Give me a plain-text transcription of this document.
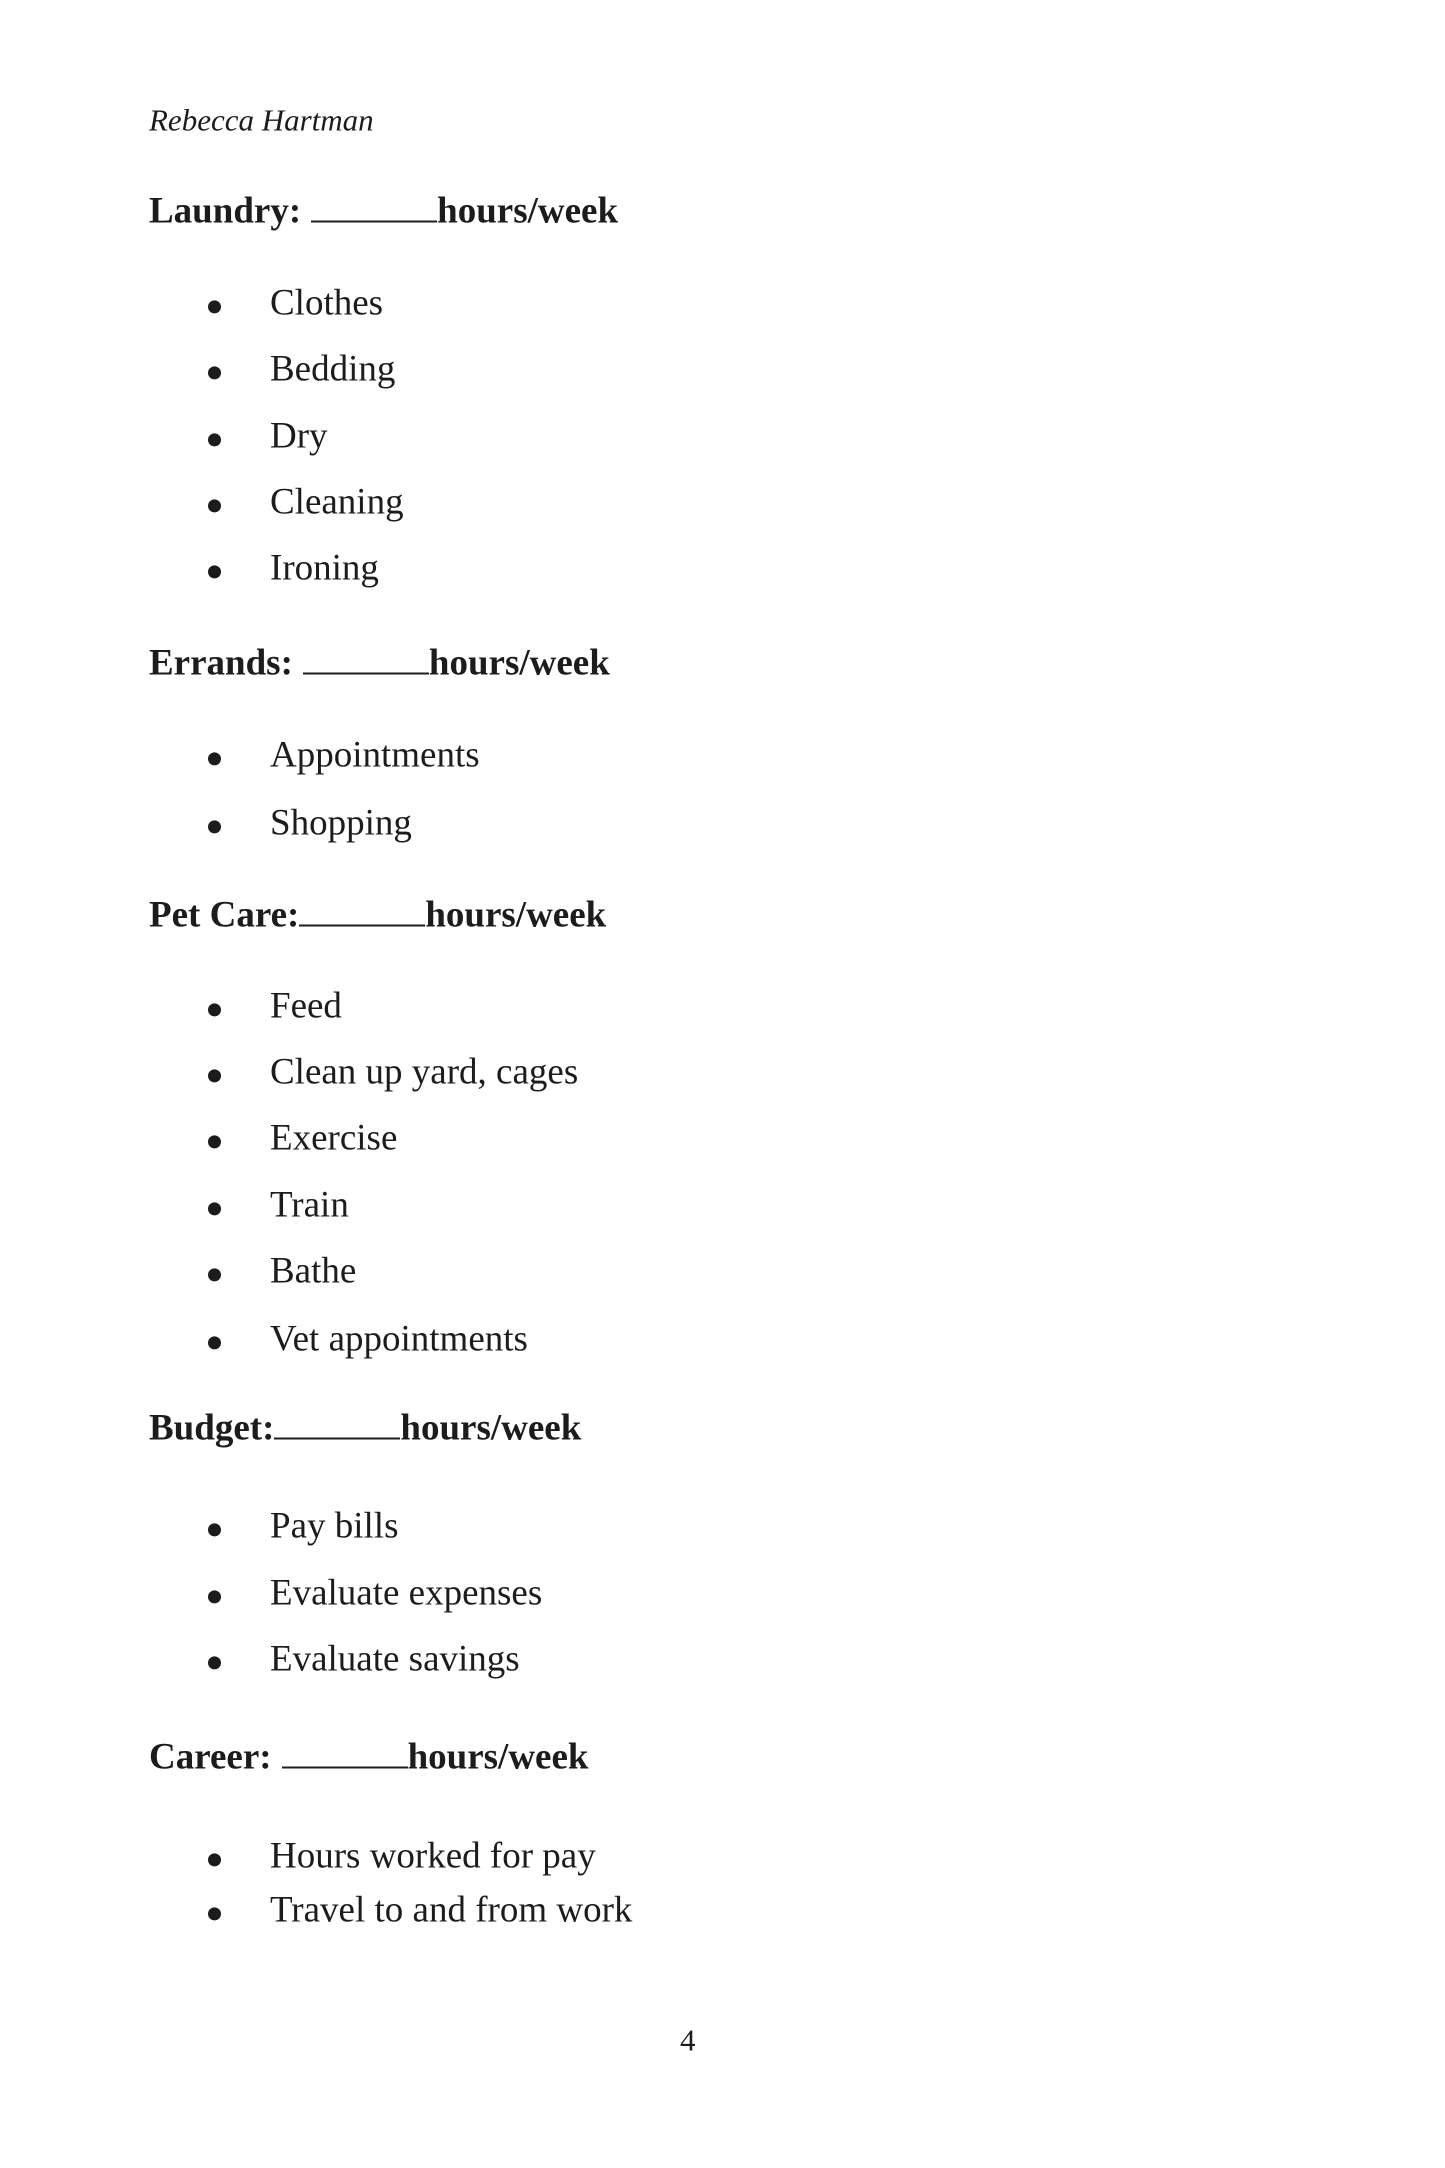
Rebecca Hartman
Laundry:	hours/week
Clothes
Bedding
Dry
Cleaning
Ironing
Errands:	hours/week
Appointments
Shopping
Pet Care:	hours/week
Feed
Clean up yard, cages
Exercise
Train
Bathe
Vet appointments
Budget:	hours/week
Pay bills
Evaluate expenses
Evaluate savings
Career:	hours/week
Hours worked for pay
Travel to and from work
4
